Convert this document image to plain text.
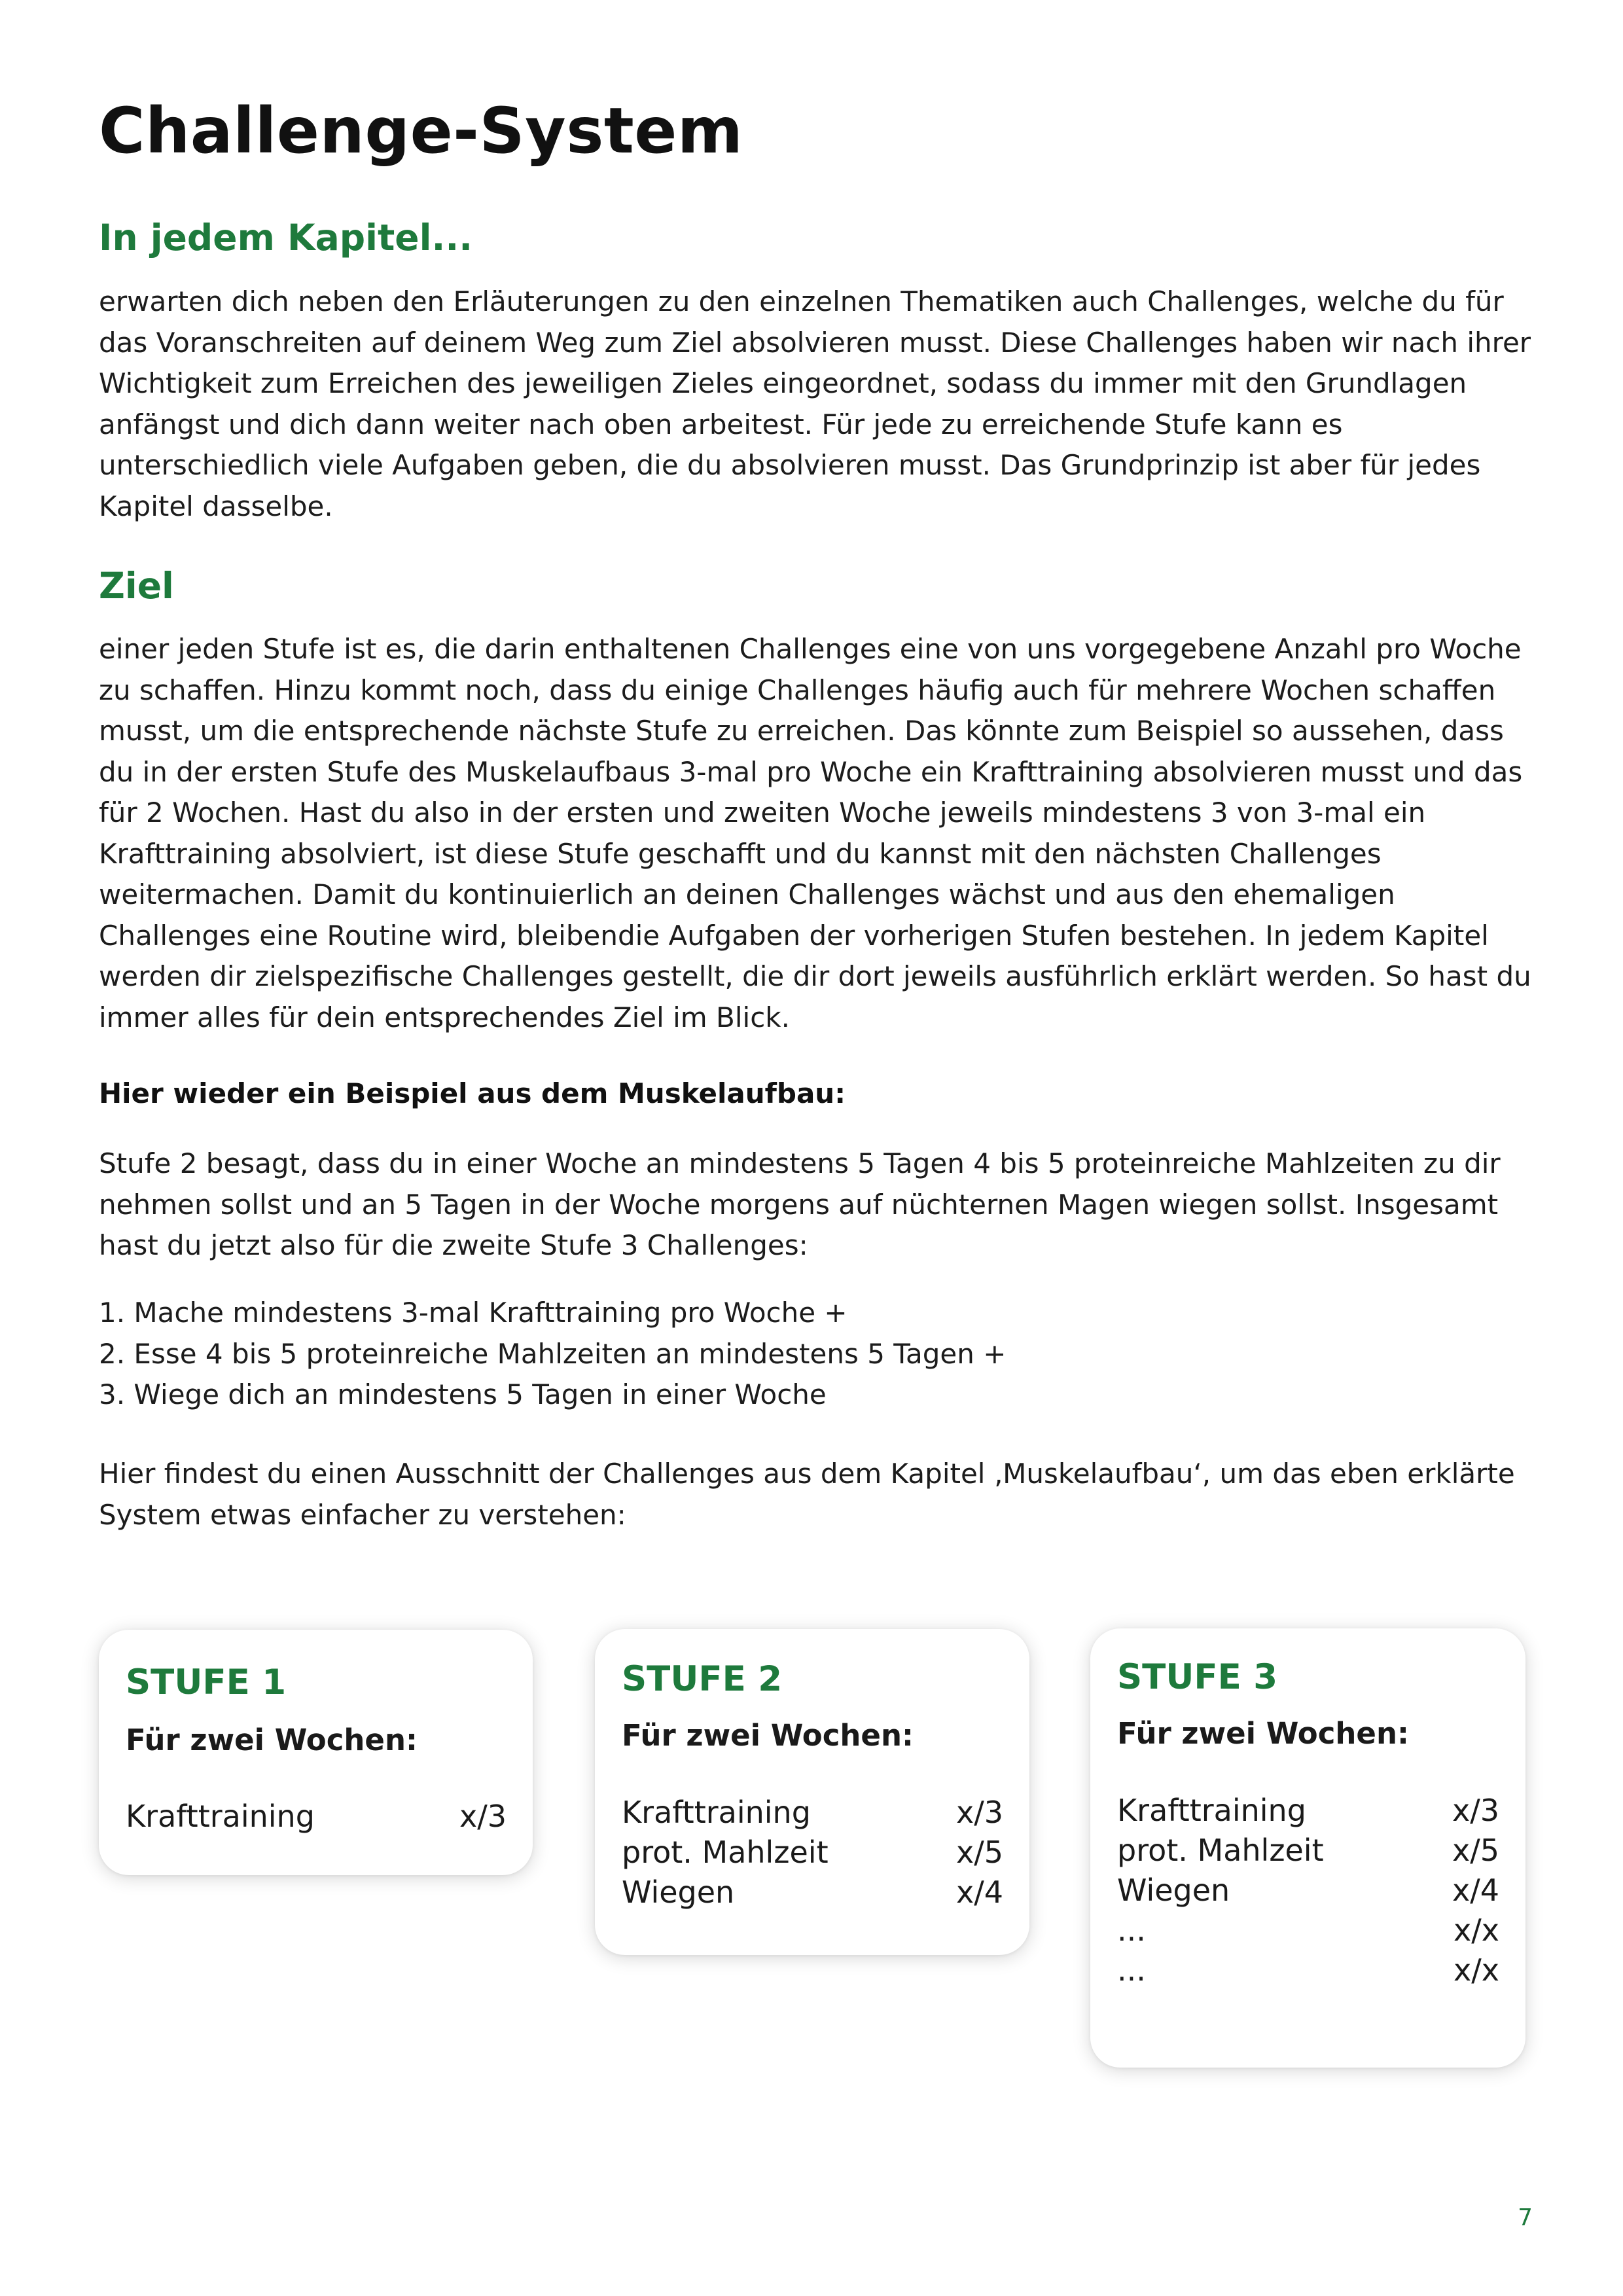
Challenge-System
In jedem Kapitel...

erwarten dich neben den Erläuterungen zu den einzelnen Thematiken auch Challenges, welche du für das Voranschreiten auf deinem Weg zum Ziel absolvieren musst. Diese Challenges haben wir nach ihrer Wichtigkeit zum Erreichen des jeweiligen Zieles eingeordnet, sodass du immer mit den Grundlagen anfängst und dich dann weiter nach oben arbeitest. Für jede zu erreichende Stufe kann es unterschiedlich viele Aufgaben geben, die du absolvieren musst. Das Grundprinzip ist aber für jedes Kapitel dasselbe.

Ziel

einer jeden Stufe ist es, die darin enthaltenen Challenges eine von uns vorgegebene Anzahl pro Woche zu schaffen. Hinzu kommt noch, dass du einige Challenges häufig auch für mehrere Wochen schaffen musst, um die entsprechende nächste Stufe zu erreichen. Das könnte zum Beispiel so aussehen, dass du in der ersten Stufe des Muskelaufbaus 3-mal pro Woche ein Krafttraining absolvieren musst und das für 2 Wochen. Hast du also in der ersten und zweiten Woche jeweils mindestens 3 von 3-mal ein Krafttraining absolviert, ist diese Stufe geschafft und du kannst mit den nächsten Challenges weitermachen. Damit du kontinuierlich an deinen Challenges wächst und aus den ehemaligen Challenges eine Routine wird, bleibendie Aufgaben der vorherigen Stufen bestehen. In jedem Kapitel werden dir zielspezifische Challenges gestellt, die dir dort jeweils ausführlich erklärt werden. So hast du immer alles für dein entsprechendes Ziel im Blick.

Hier wieder ein Beispiel aus dem Muskelaufbau:

Stufe 2 besagt, dass du in einer Woche an mindestens 5 Tagen 4 bis 5 proteinreiche Mahlzeiten zu dir nehmen sollst und an 5 Tagen in der Woche morgens auf nüchternen Magen wiegen sollst. Insgesamt hast du jetzt also für die zweite Stufe 3 Challenges:

1. Mache mindestens 3-mal Krafttraining pro Woche +
2. Esse 4 bis 5 proteinreiche Mahlzeiten an mindestens 5 Tagen +
3. Wiege dich an mindestens 5 Tagen in einer Woche

Hier findest du einen Ausschnitt der Challenges aus dem Kapitel ‚Muskelaufbau‘, um das eben erklärte System etwas einfacher zu verstehen:

STUFE 1

Für zwei Wochen:

Krafttraining	x/3
STUFE 2

Für zwei Wochen:

Krafttraining	x/3
prot. Mahlzeit	x/5
Wiegen	x/4
STUFE 3

Für zwei Wochen:

Krafttraining	x/3
prot. Mahlzeit	x/5
Wiegen	x/4
...	x/x
...	x/x
7
